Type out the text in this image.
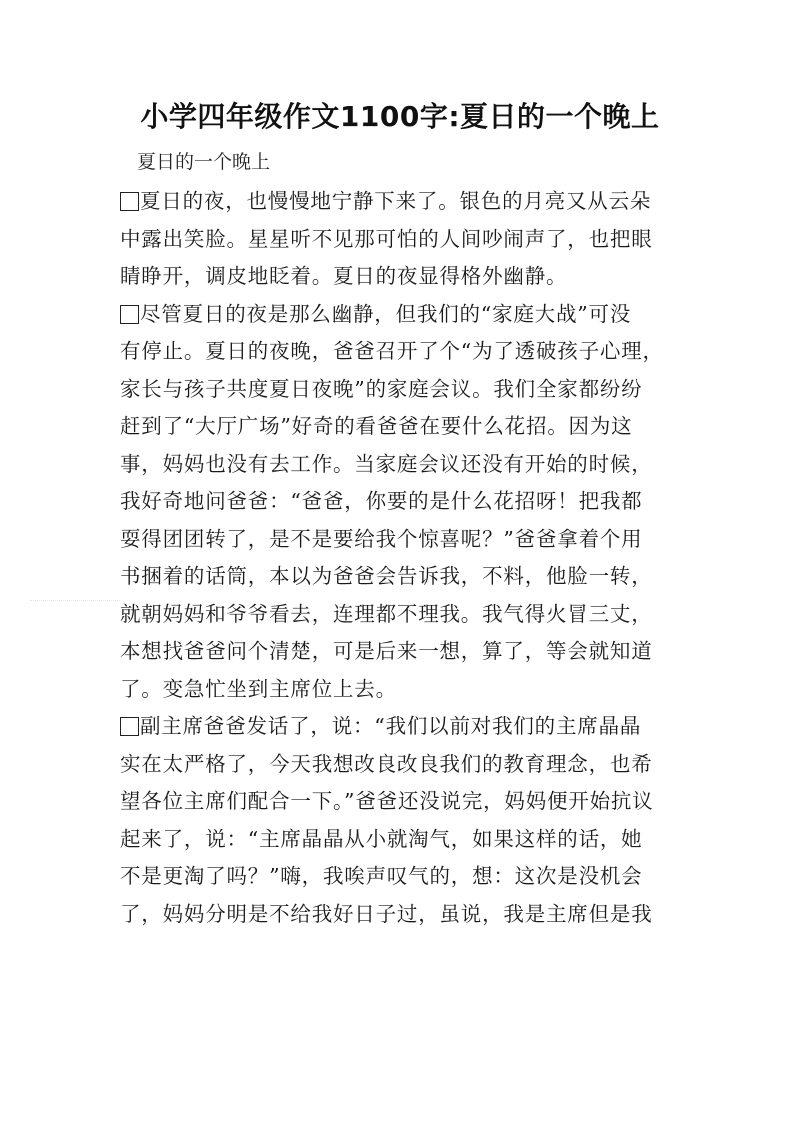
小学四年级作文1100字:夏日的一个晚上
夏日的一个晚上
夏日的夜，也慢慢地宁静下来了。银色的月亮又从云朵
中露出笑脸。星星听不见那可怕的人间吵闹声了，也把眼
睛睁开，调皮地眨着。夏日的夜显得格外幽静。
尽管夏日的夜是那么幽静，但我们的“家庭大战”可没
有停止。夏日的夜晚，爸爸召开了个“为了透破孩子心理，
家长与孩子共度夏日夜晚”的家庭会议。我们全家都纷纷
赶到了“大厅广场”好奇的看爸爸在要什么花招。因为这
事，妈妈也没有去工作。当家庭会议还没有开始的时候，
我好奇地问爸爸：“爸爸，你要的是什么花招呀！把我都
耍得团团转了，是不是要给我个惊喜呢？”爸爸拿着个用
书捆着的话筒，本以为爸爸会告诉我，不料，他脸一转，
就朝妈妈和爷爷看去，连理都不理我。我气得火冒三丈，
本想找爸爸问个清楚，可是后来一想，算了，等会就知道
了。变急忙坐到主席位上去。
副主席爸爸发话了，说：“我们以前对我们的主席晶晶
实在太严格了，今天我想改良改良我们的教育理念，也希
望各位主席们配合一下。”爸爸还没说完，妈妈便开始抗议
起来了，说：“主席晶晶从小就淘气，如果这样的话，她
不是更淘了吗？”嗨，我唉声叹气的，想：这次是没机会
了，妈妈分明是不给我好日子过，虽说，我是主席但是我
